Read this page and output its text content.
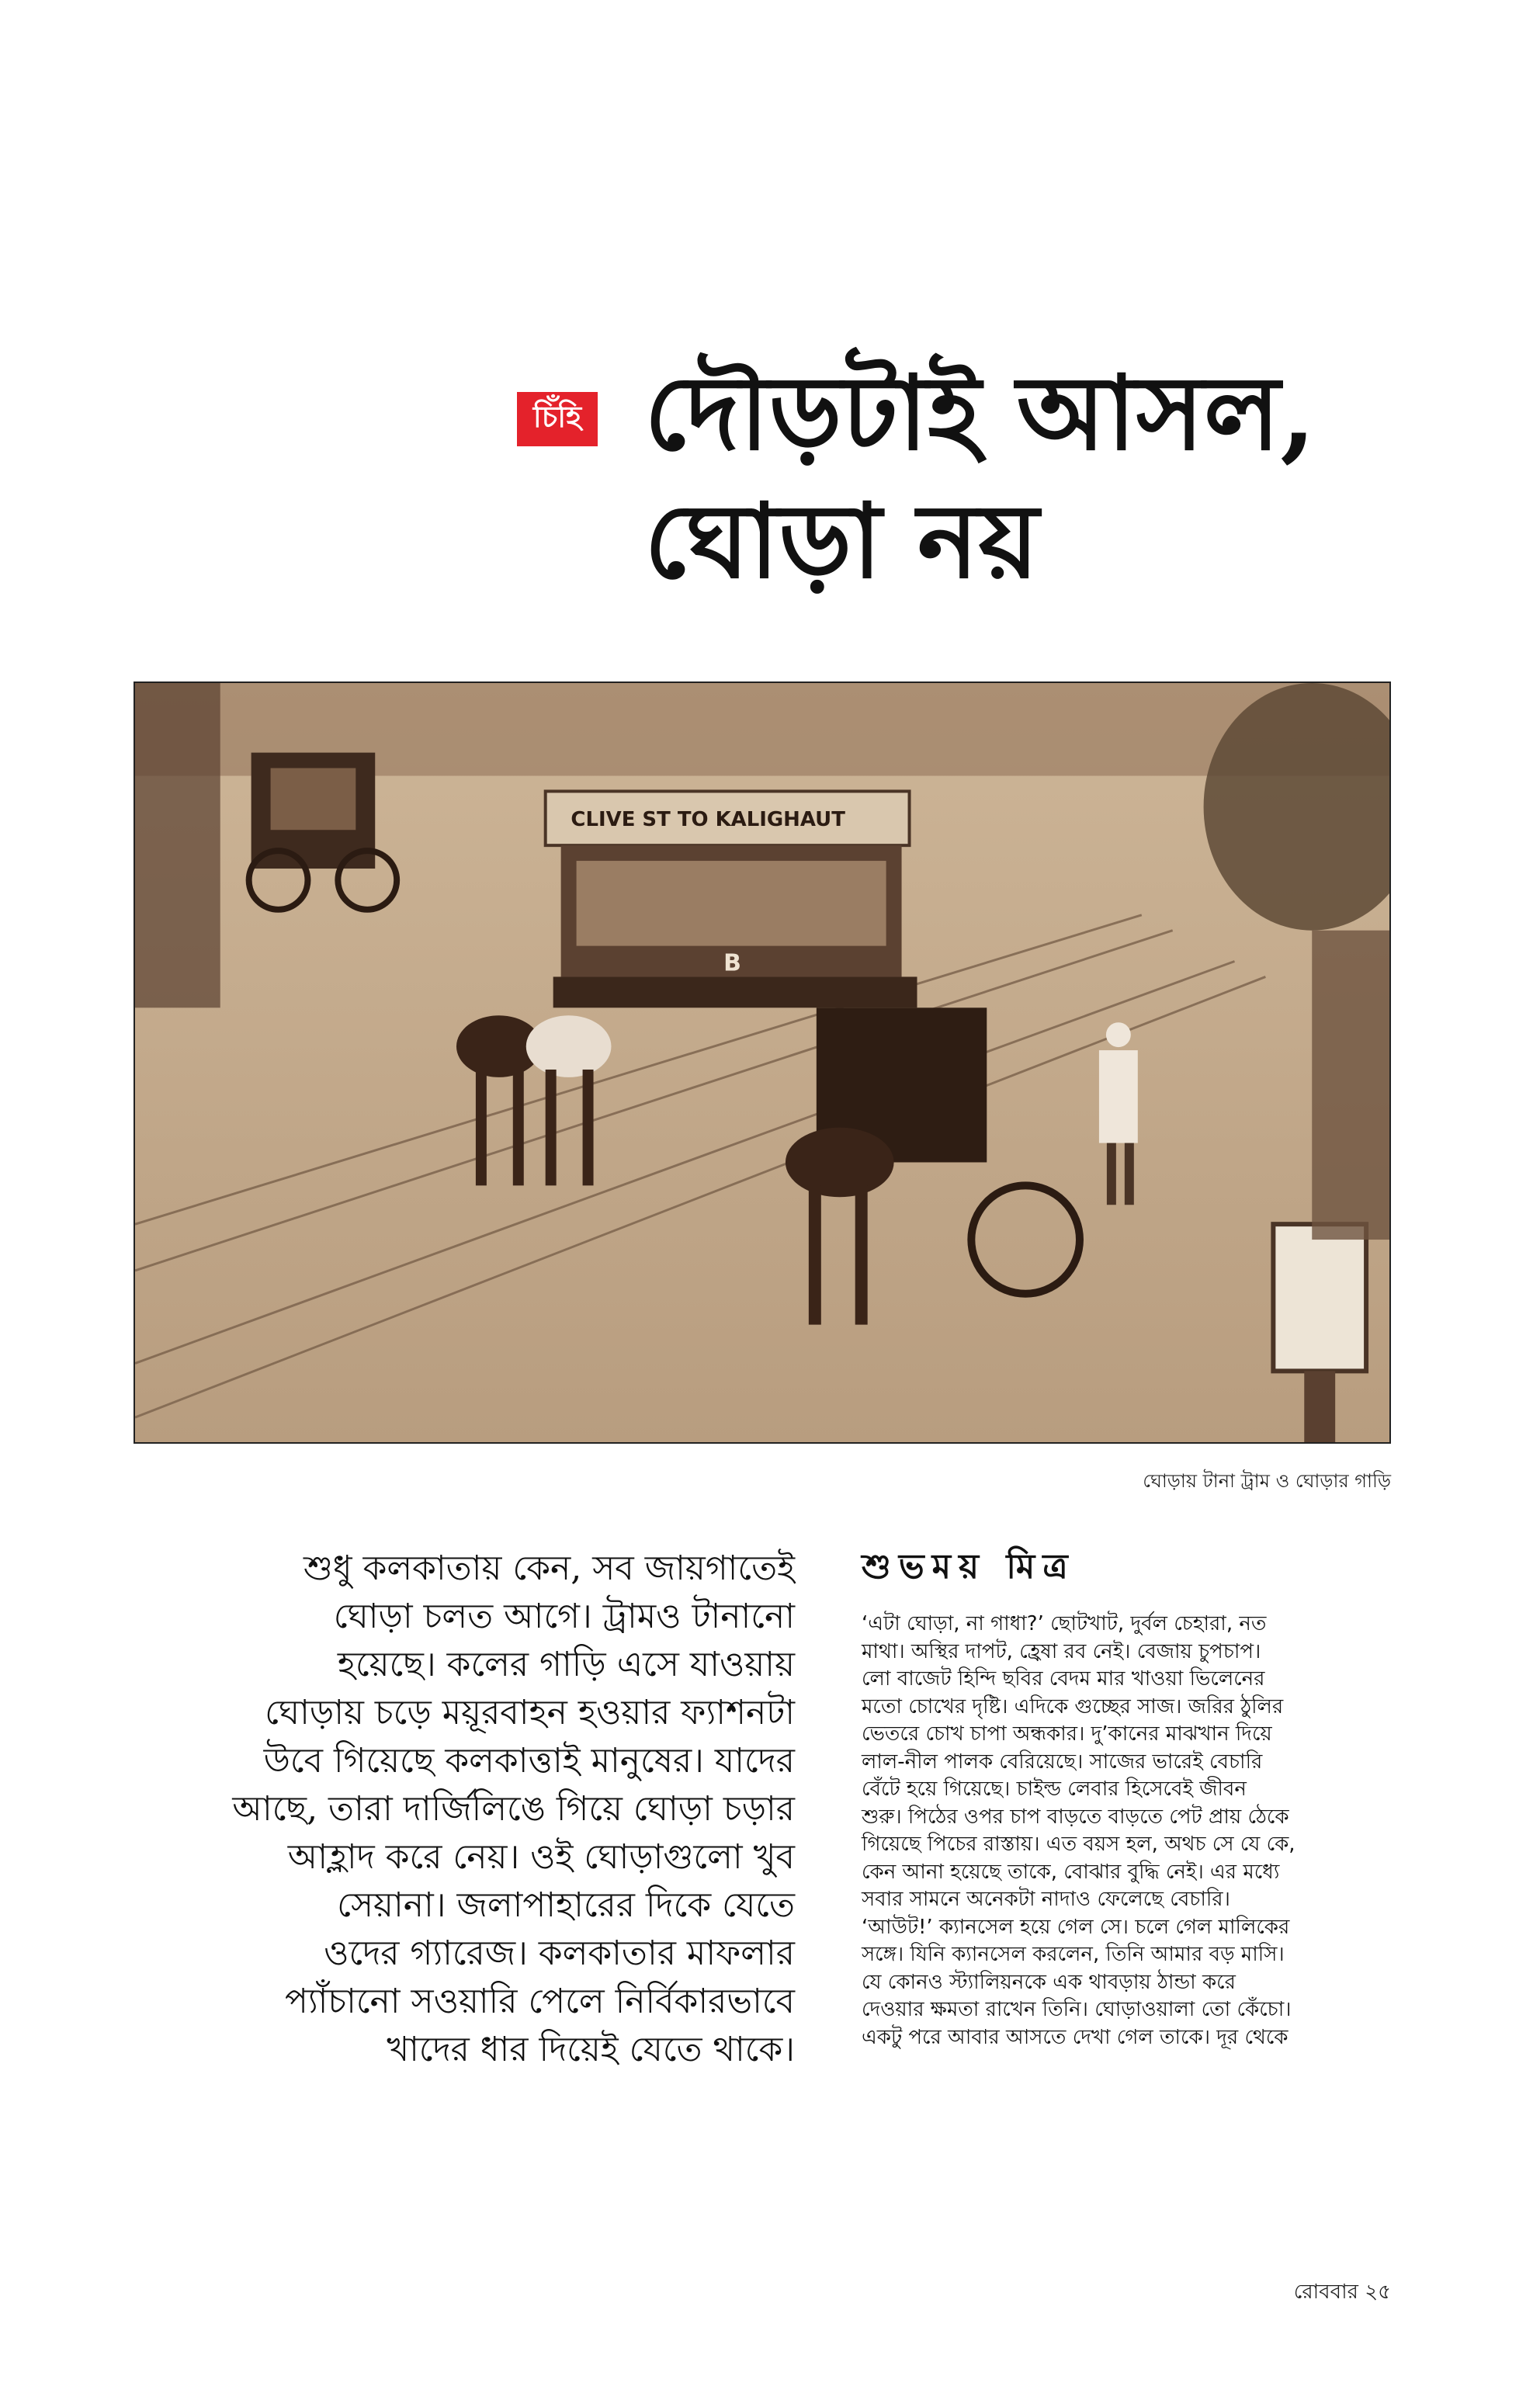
চিঁহি দৌড়টাই আসল,
ঘোড়া নয়
CLIVE ST TO KALIGHAUT
B
ঘোড়ায় টানা ট্রাম ও ঘোড়ার গাড়ি

শুধু কলকাতায় কেন, সব জায়গাতেই
ঘোড়া চলত আগে। ট্রামও টানানো
হয়েছে। কলের গাড়ি এসে যাওয়ায়
ঘোড়ায় চড়ে ময়ূরবাহন হওয়ার ফ্যাশনটা
উবে গিয়েছে কলকাত্তাই মানুষের। যাদের
আছে, তারা দার্জিলিঙে গিয়ে ঘোড়া চড়ার
আহ্লাদ করে নেয়। ওই ঘোড়াগুলো খুব
সেয়ানা। জলাপাহারের দিকে যেতে
ওদের গ্যারেজ। কলকাতার মাফলার
প্যাঁচানো সওয়ারি পেলে নির্বিকারভাবে
খাদের ধার দিয়েই যেতে থাকে।

শুভময় মিত্র

‘এটা ঘোড়া, না গাধা?’ ছোটখাট, দুর্বল চেহারা, নত
মাথা। অস্থির দাপট, হ্রেষা রব নেই। বেজায় চুপচাপ।
লো বাজেট হিন্দি ছবির বেদম মার খাওয়া ভিলেনের
মতো চোখের দৃষ্টি। এদিকে গুচ্ছের সাজ। জরির ঠুলির
ভেতরে চোখ চাপা অন্ধকার। দু’কানের মাঝখান দিয়ে
লাল-নীল পালক বেরিয়েছে। সাজের ভারেই বেচারি
বেঁটে হয়ে গিয়েছে। চাইল্ড লেবার হিসেবেই জীবন
শুরু। পিঠের ওপর চাপ বাড়তে বাড়তে পেট প্রায় ঠেকে
গিয়েছে পিচের রাস্তায়। এত বয়স হল, অথচ সে যে কে,
কেন আনা হয়েছে তাকে, বোঝার বুদ্ধি নেই। এর মধ্যে
সবার সামনে অনেকটা নাদাও ফেলেছে বেচারি।
‘আউট!’ ক্যানসেল হয়ে গেল সে। চলে গেল মালিকের
সঙ্গে। যিনি ক্যানসেল করলেন, তিনি আমার বড় মাসি।
যে কোনও স্ট্যালিয়নকে এক থাবড়ায় ঠান্ডা করে
দেওয়ার ক্ষমতা রাখেন তিনি। ঘোড়াওয়ালা তো কেঁচো।
একটু পরে আবার আসতে দেখা গেল তাকে। দূর থেকে

রোববার ২৫
